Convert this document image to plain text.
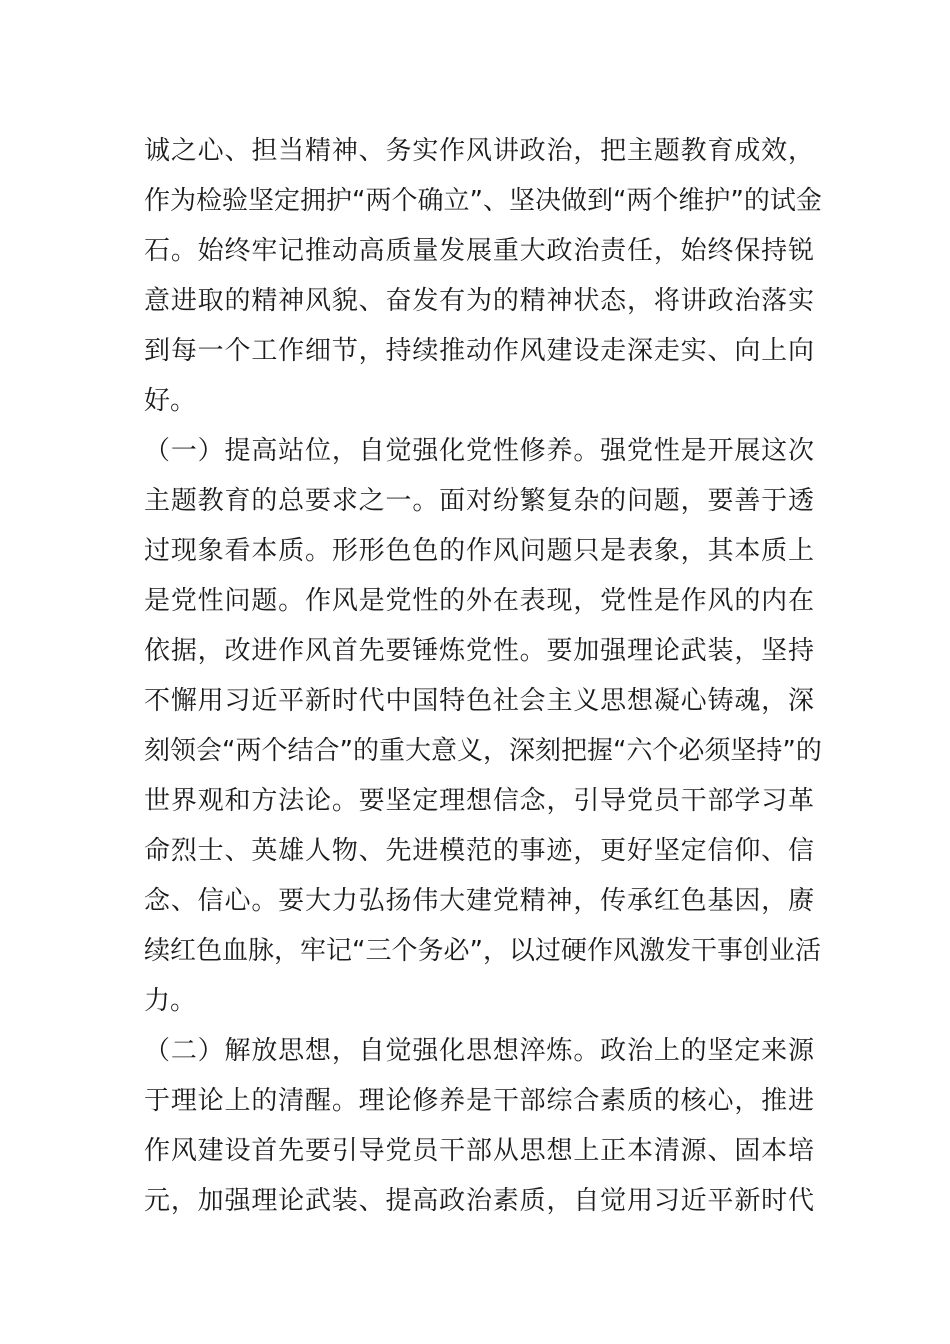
诚之心、担当精神、务实作风讲政治，把主题教育成效，
作为检验坚定拥护“两个确立”、坚决做到“两个维护”的试金
石。始终牢记推动高质量发展重大政治责任，始终保持锐
意进取的精神风貌、奋发有为的精神状态，将讲政治落实
到每一个工作细节，持续推动作风建设走深走实、向上向
好。
（一）提高站位，自觉强化党性修养。强党性是开展这次
主题教育的总要求之一。面对纷繁复杂的问题，要善于透
过现象看本质。形形色色的作风问题只是表象，其本质上
是党性问题。作风是党性的外在表现，党性是作风的内在
依据，改进作风首先要锤炼党性。要加强理论武装，坚持
不懈用习近平新时代中国特色社会主义思想凝心铸魂，深
刻领会“两个结合”的重大意义，深刻把握“六个必须坚持”的
世界观和方法论。要坚定理想信念，引导党员干部学习革
命烈士、英雄人物、先进模范的事迹，更好坚定信仰、信
念、信心。要大力弘扬伟大建党精神，传承红色基因，赓
续红色血脉，牢记“三个务必”，以过硬作风激发干事创业活
力。
（二）解放思想，自觉强化思想淬炼。政治上的坚定来源
于理论上的清醒。理论修养是干部综合素质的核心，推进
作风建设首先要引导党员干部从思想上正本清源、固本培
元，加强理论武装、提高政治素质，自觉用习近平新时代
